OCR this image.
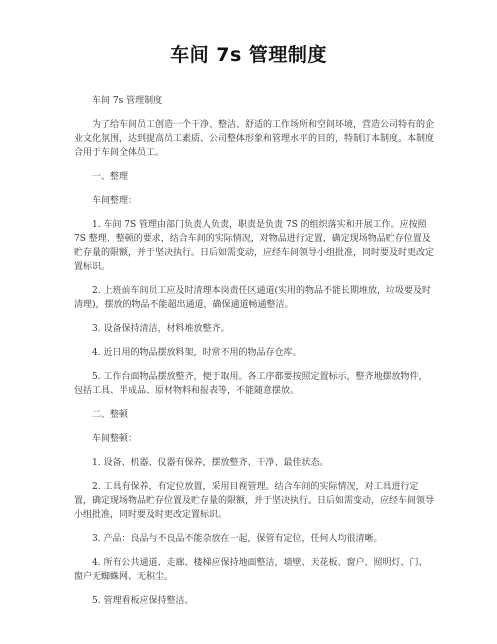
车间 7s 管理制度

车间 7s 管理制度

为了给车间员工创造一个干净、整洁、舒适的工作场所和空间环境，营造公司特有的企业文化氛围，达到提高员工素质、公司整体形象和管理水平的目的，特制订本制度。本制度合用于车间全体员工。

一、整理

车间整理：

1. 车间 7S 管理由部门负责人负责，职责是负责 7S 的组织落实和开展工作。应按照 7S 整理、整顿的要求，结合车间的实际情况，对物品进行定置，确定现场物品贮存位置及贮存量的限额，并于坚决执行。日后如需变动，应经车间领导小组批准，同时要及时更改定置标识。

2. 上班前车间员工应及时清理本岗责任区通道(实用的物品不能长期堆放，垃圾要及时清理)，摆放的物品不能超出通道，确保通道畅通整洁。

3. 设备保持清洁，材料堆放整齐。

4. 近日用的物品摆放料架，时常不用的物品存仓库。

5. 工作台面物品摆放整齐，便于取用。各工序都要按照定置标示，整齐地摆放物件，包括工具、半成品、原材物料和报表等，不能随意摆放。

二、整顿

车间整顿：

1. 设备、机器、仪器有保养，摆放整齐、干净、最佳状态。

2. 工具有保养，有定位放置，采用目视管理。结合车间的实际情况，对工具进行定置，确定现场物品贮存位置及贮存量的限额，并于坚决执行。日后如需变动，应经车间领导小组批准，同时要及时更改定置标识。

3. 产品：良品与不良品不能杂放在一起，保管有定位，任何人均很清晰。

4. 所有公共通道、走廊、楼梯应保持地面整洁，墙壁、天花板、窗户、照明灯、门、窗户无蜘蛛网、无积尘。

5. 管理看板应保持整洁。
